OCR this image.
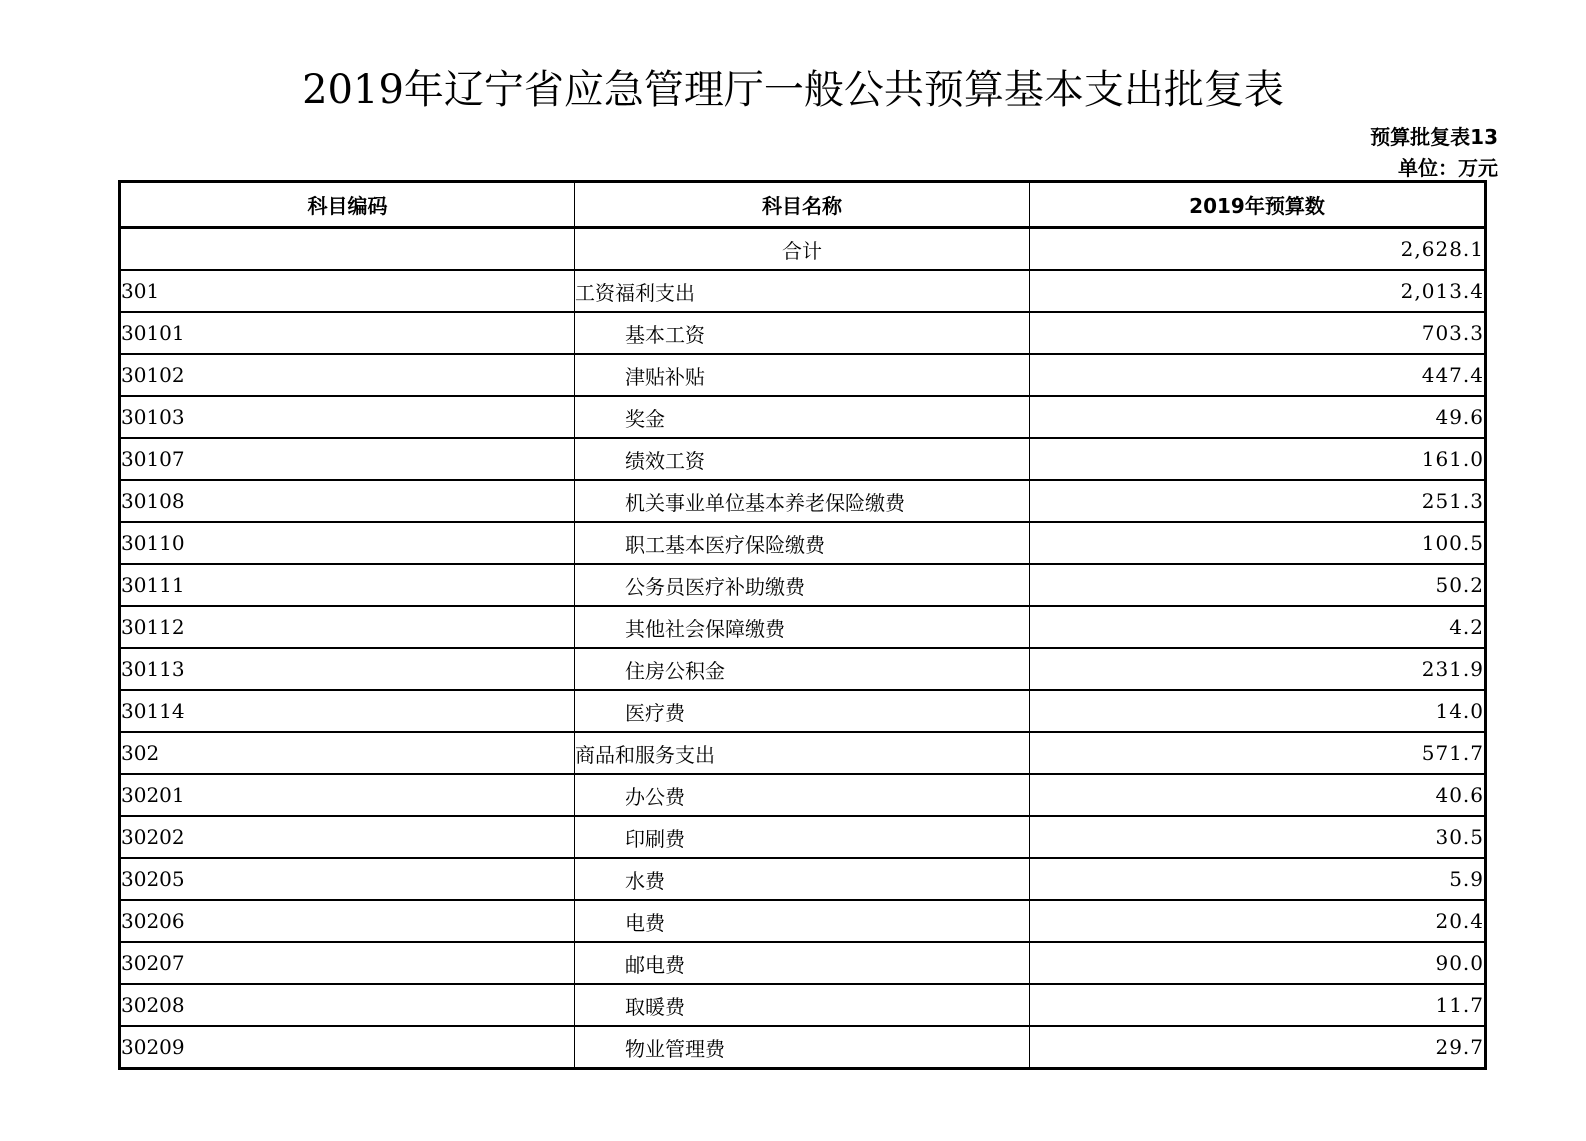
2019年辽宁省应急管理厅一般公共预算基本支出批复表
预算批复表13
单位：万元
科目编码	科目名称	2019年预算数
	合计	2,628.1
301	工资福利支出	2,013.4
30101	基本工资	703.3
30102	津贴补贴	447.4
30103	奖金	49.6
30107	绩效工资	161.0
30108	机关事业单位基本养老保险缴费	251.3
30110	职工基本医疗保险缴费	100.5
30111	公务员医疗补助缴费	50.2
30112	其他社会保障缴费	4.2
30113	住房公积金	231.9
30114	医疗费	14.0
302	商品和服务支出	571.7
30201	办公费	40.6
30202	印刷费	30.5
30205	水费	5.9
30206	电费	20.4
30207	邮电费	90.0
30208	取暖费	11.7
30209	物业管理费	29.7
